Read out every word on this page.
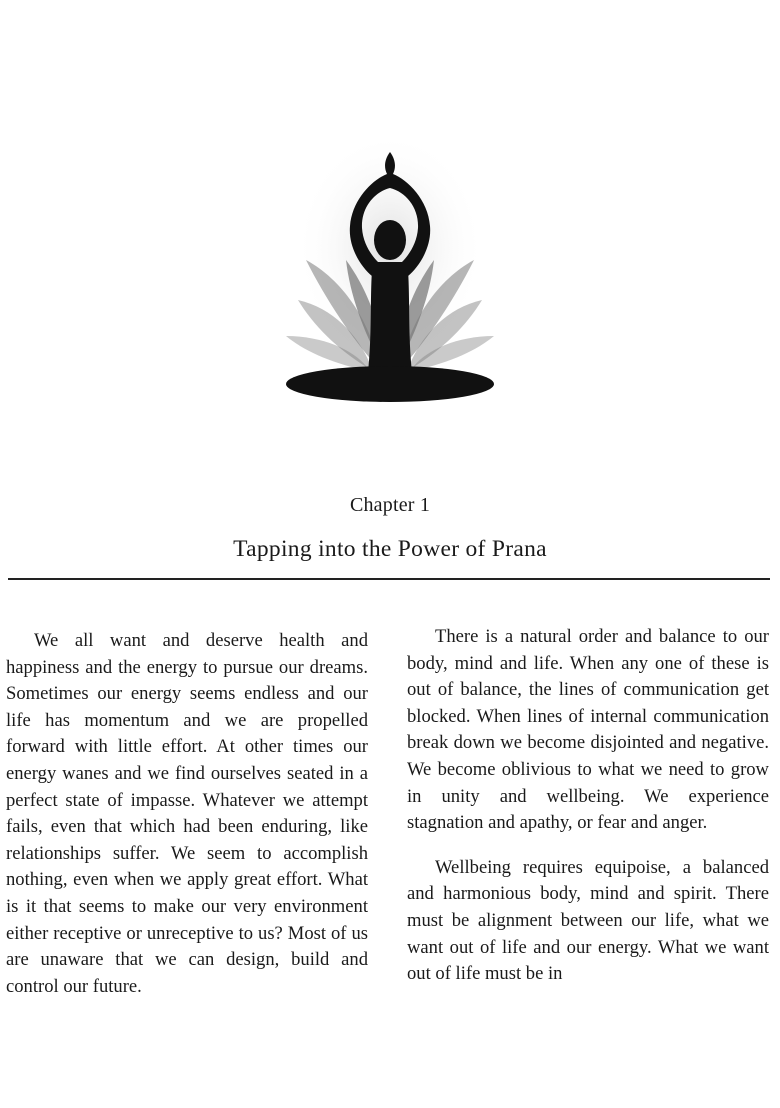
Chapter 1
Tapping into the Power of Prana

We all want and deserve health and happiness and the energy to pursue our dreams. Sometimes our energy seems endless and our life has momentum and we are propelled forward with little effort. At other times our energy wanes and we find ourselves seated in a perfect state of impasse. Whatever we attempt fails, even that which had been enduring, like relationships suffer. We seem to accomplish nothing, even when we apply great effort. What is it that seems to make our very environment either receptive or unreceptive to us? Most of us are unaware that we can design, build and control our future.

There is a natural order and balance to our body, mind and life. When any one of these is out of balance, the lines of communication get blocked. When lines of internal communication break down we become disjointed and negative. We become oblivious to what we need to grow in unity and wellbeing. We experience stagnation and apathy, or fear and anger.

Wellbeing requires equipoise, a balanced and harmonious body, mind and spirit. There must be alignment between our life, what we want out of life and our energy. What we want out of life must be in
